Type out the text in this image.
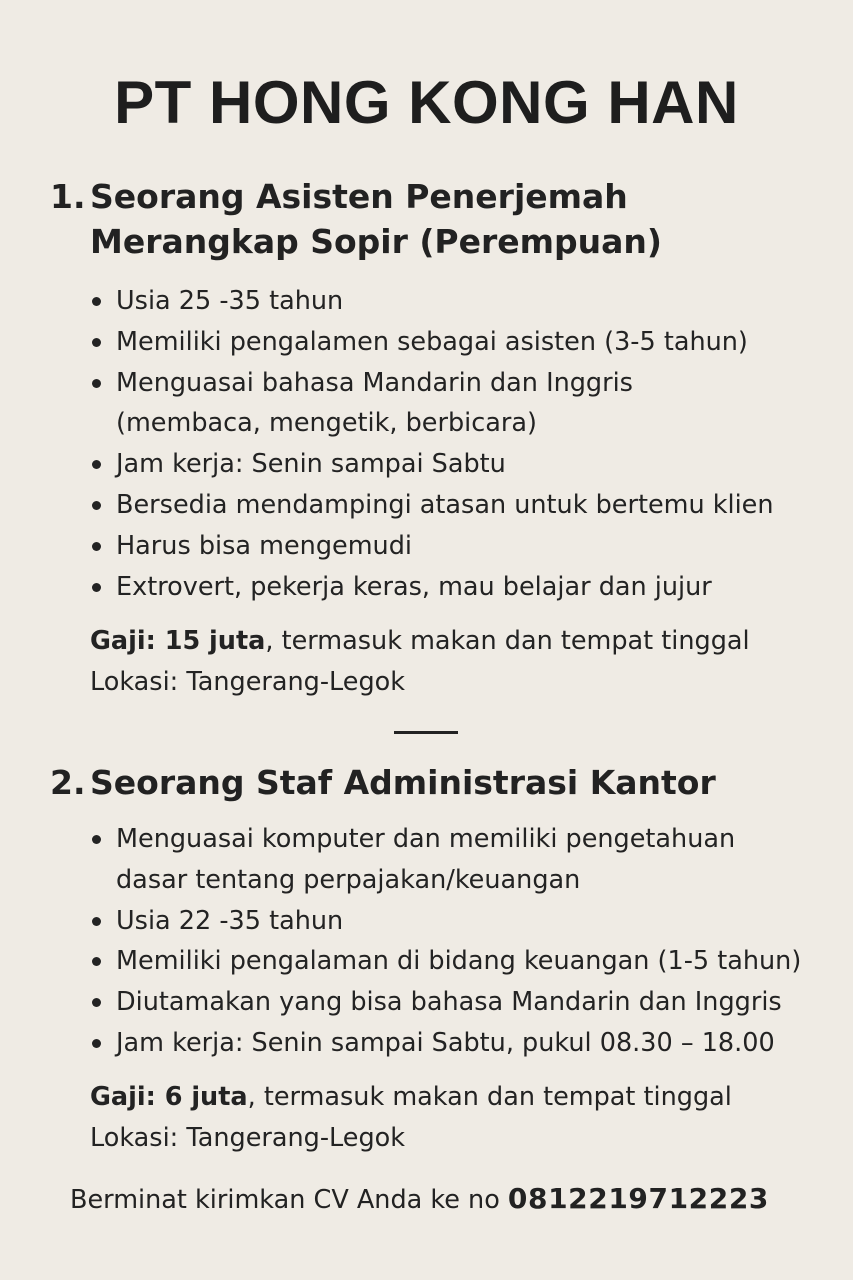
PT HONG KONG HAN
1. Seorang Asisten Penerjemah
Merangkap Sopir (Perempuan)
Usia 25 -35 tahun
Memiliki pengalamen sebagai asisten (3-5 tahun)
Menguasai bahasa Mandarin dan Inggris
(membaca, mengetik, berbicara)
Jam kerja: Senin sampai Sabtu
Bersedia mendampingi atasan untuk bertemu klien
Harus bisa mengemudi
Extrovert, pekerja keras, mau belajar dan jujur
Gaji: 15 juta, termasuk makan dan tempat tinggal
Lokasi: Tangerang-Legok
2. Seorang Staf Administrasi Kantor
Menguasai komputer dan memiliki pengetahuan
dasar tentang perpajakan/keuangan
Usia 22 -35 tahun
Memiliki pengalaman di bidang keuangan (1-5 tahun)
Diutamakan yang bisa bahasa Mandarin dan Inggris
Jam kerja: Senin sampai Sabtu, pukul 08.30 – 18.00
Gaji: 6 juta, termasuk makan dan tempat tinggal
Lokasi: Tangerang-Legok
Berminat kirimkan CV Anda ke no 0812219712223
